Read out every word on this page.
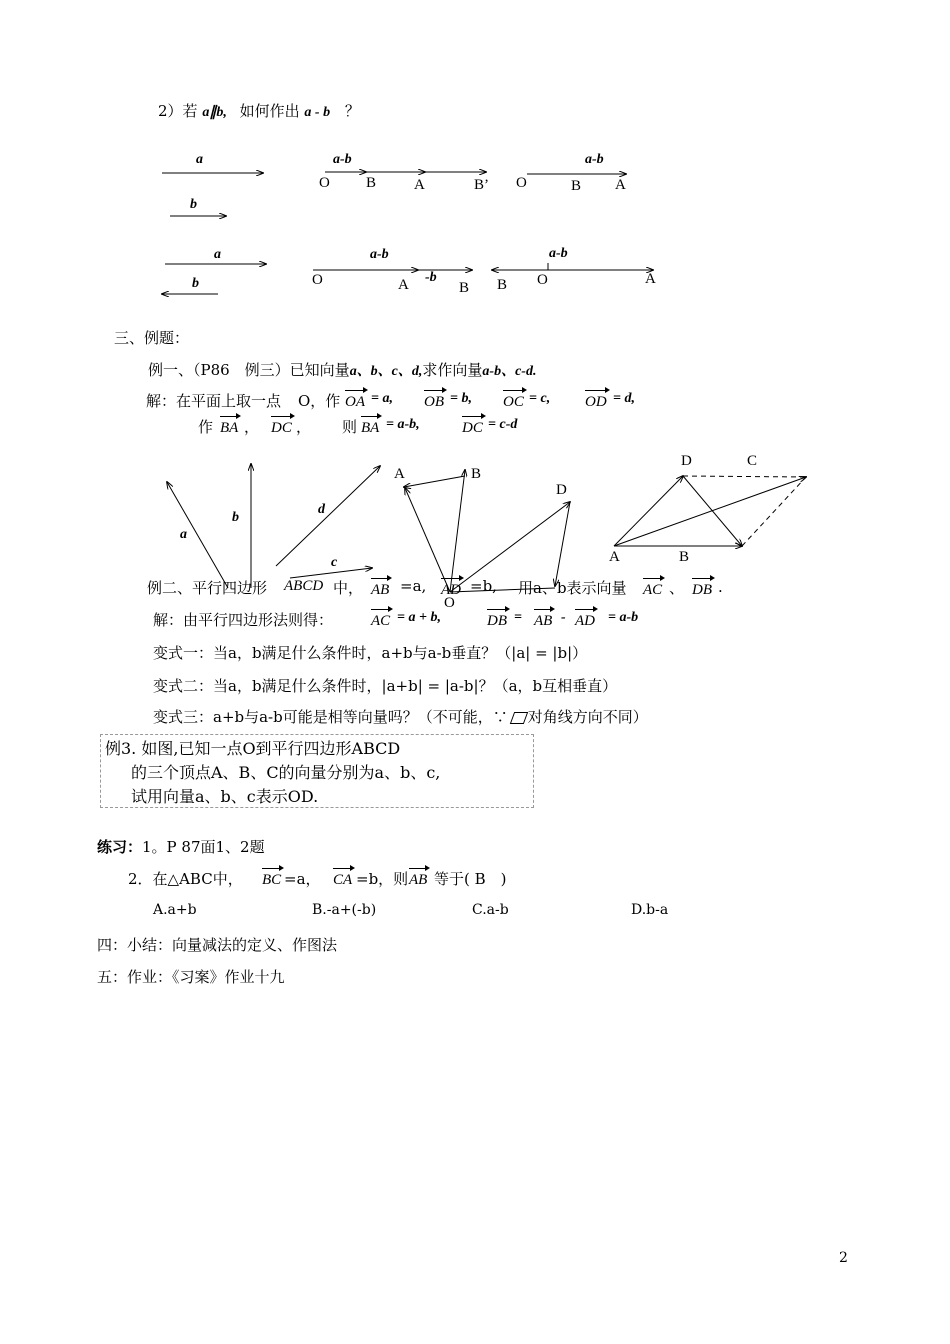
2）若 a∥b, 如何作出 a - b ？
a
b
a-b
O B	A	B’ O	B A
a-b
a
b
a-b
O	A -b
B
a-b
B O	A
三、例题：
例一、（P86　例三）已知向量a、b、c、d,求作向量a-b、c-d.
解：在平面上取一点 O，作 OA = a, OB = b, OC = c, OD = d,
作 BA ， DC ， 则 BA = a-b,	DC = c-d
a
b
d
c
A	B
D
O
D	C
A	B
例二、平行四边形 ABCD 中， AB =a, AD =b, 用a、b表示向量 AC 、 DB .
解：由平行四边形法则得：	AC = a + b,	DB = AB - AD = a-b
变式一：当a，b满足什么条件时，a+b与a-b垂直？（|a| = |b|）
变式二：当a，b满足什么条件时，|a+b| = |a-b|？（a，b互相垂直）
变式三：a+b与a-b可能是相等向量吗？（不可能，∵ 对角线方向不同）
例3. 如图,已知一点O到平行四边形ABCD
的三个顶点A、B、C的向量分别为a、b、c,
试用向量a、b、c表示OD.
练习：1。P 87面1、2题
2．在△ABC中， BC =a， CA =b，则 AB 等于( B　)
A.a+b	B.-a+(-b)	C.a-b	D.b-a
四：小结：向量减法的定义、作图法
五：作业：《习案》作业十九
2
